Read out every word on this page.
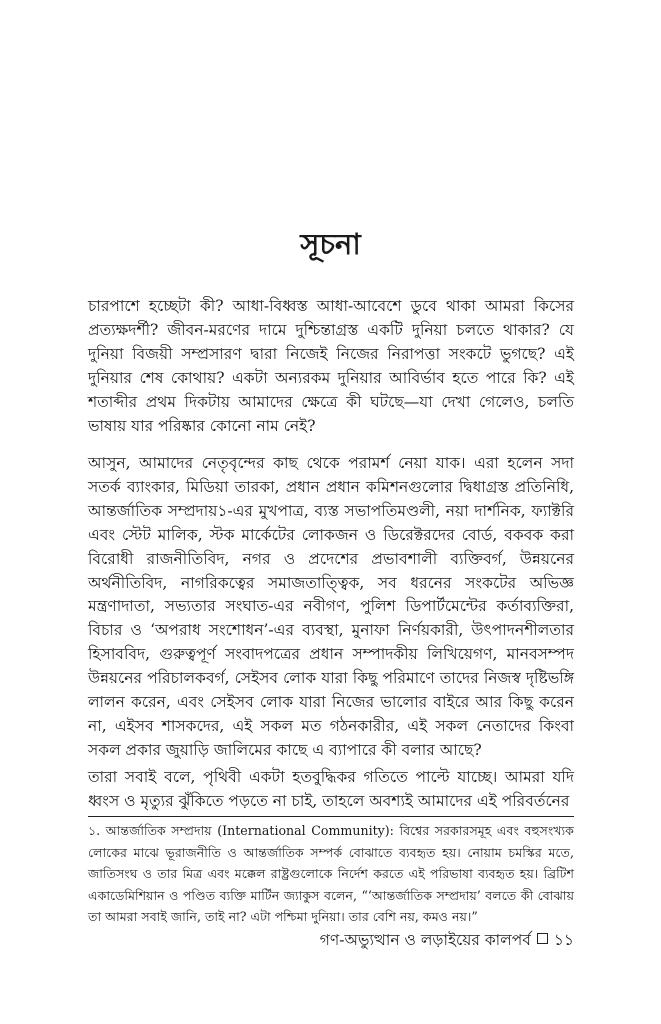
সূচনা

চারপাশে হচ্ছেটা কী? আধা-বিধ্বস্ত আধা-আবেশে ডুবে থাকা আমরা কিসের প্রত্যক্ষদর্শী? জীবন-মরণের দামে দুশ্চিন্তাগ্রস্ত একটি দুনিয়া চলতে থাকার? যে দুনিয়া বিজয়ী সম্প্রসারণ দ্বারা নিজেই নিজের নিরাপত্তা সংকটে ভুগছে? এই দুনিয়ার শেষ কোথায়? একটা অন্যরকম দুনিয়ার আবির্ভাব হতে পারে কি? এই শতাব্দীর প্রথম দিকটায় আমাদের ক্ষেত্রে কী ঘটছে—যা দেখা গেলেও, চলতি ভাষায় যার পরিষ্কার কোনো নাম নেই?

আসুন, আমাদের নেতৃবৃন্দের কাছ থেকে পরামর্শ নেয়া যাক। এরা হলেন সদা সতর্ক ব্যাংকার, মিডিয়া তারকা, প্রধান প্রধান কমিশনগুলোর দ্বিধাগ্রস্ত প্রতিনিধি, আন্তর্জাতিক সম্প্রদায়১-এর মুখপাত্র, ব্যস্ত সভাপতিমণ্ডলী, নয়া দার্শনিক, ফ্যাক্টরি এবং স্টেট মালিক, স্টক মার্কেটের লোকজন ও ডিরেক্টরদের বোর্ড, বকবক করা বিরোধী রাজনীতিবিদ, নগর ও প্রদেশের প্রভাবশালী ব্যক্তিবর্গ, উন্নয়নের অর্থনীতিবিদ, নাগরিকত্বের সমাজতাত্ত্বিক, সব ধরনের সংকটের অভিজ্ঞ মন্ত্রণাদাতা, সভ্যতার সংঘাত-এর নবীগণ, পুলিশ ডিপার্টমেন্টের কর্তাব্যক্তিরা, বিচার ও ‘অপরাধ সংশোধন’-এর ব্যবস্থা, মুনাফা নির্ণয়কারী, উৎপাদনশীলতার হিসাববিদ, গুরুত্বপূর্ণ সংবাদপত্রের প্রধান সম্পাদকীয় লিখিয়েগণ, মানবসম্পদ উন্নয়নের পরিচালকবর্গ, সেইসব লোক যারা কিছু পরিমাণে তাদের নিজস্ব দৃষ্টিভঙ্গি লালন করেন, এবং সেইসব লোক যারা নিজের ভালোর বাইরে আর কিছু করেন না, এইসব শাসকদের, এই সকল মত গঠনকারীর, এই সকল নেতাদের কিংবা সকল প্রকার জুয়াড়ি জালিমের কাছে এ ব্যাপারে কী বলার আছে?

তারা সবাই বলে, পৃথিবী একটা হতবুদ্ধিকর গতিতে পাল্টে যাচ্ছে। আমরা যদি ধ্বংস ও মৃত্যুর ঝুঁকিতে পড়তে না চাই, তাহলে অবশ্যই আমাদের এই পরিবর্তনের

১. আন্তর্জাতিক সম্প্রদায় (International Community): বিশ্বের সরকারসমূহ এবং বহুসংখ্যক লোকের মাঝে ভূরাজনীতি ও আন্তর্জাতিক সম্পর্ক বোঝাতে ব্যবহৃত হয়। নোয়াম চমস্কির মতে, জাতিসংঘ ও তার মিত্র এবং মক্কেল রাষ্ট্রগুলোকে নির্দেশ করতে এই পরিভাষা ব্যবহৃত হয়। ব্রিটিশ একাডেমিশিয়ান ও পণ্ডিত ব্যক্তি মার্টিন জ্যাকুস বলেন, “‘আন্তর্জাতিক সম্প্রদায়’ বলতে কী বোঝায় তা আমরা সবাই জানি, তাই না? এটা পশ্চিমা দুনিয়া। তার বেশি নয়, কমও নয়।”
গণ-অভ্যুত্থান ও লড়াইয়ের কালপর্ব ১১
